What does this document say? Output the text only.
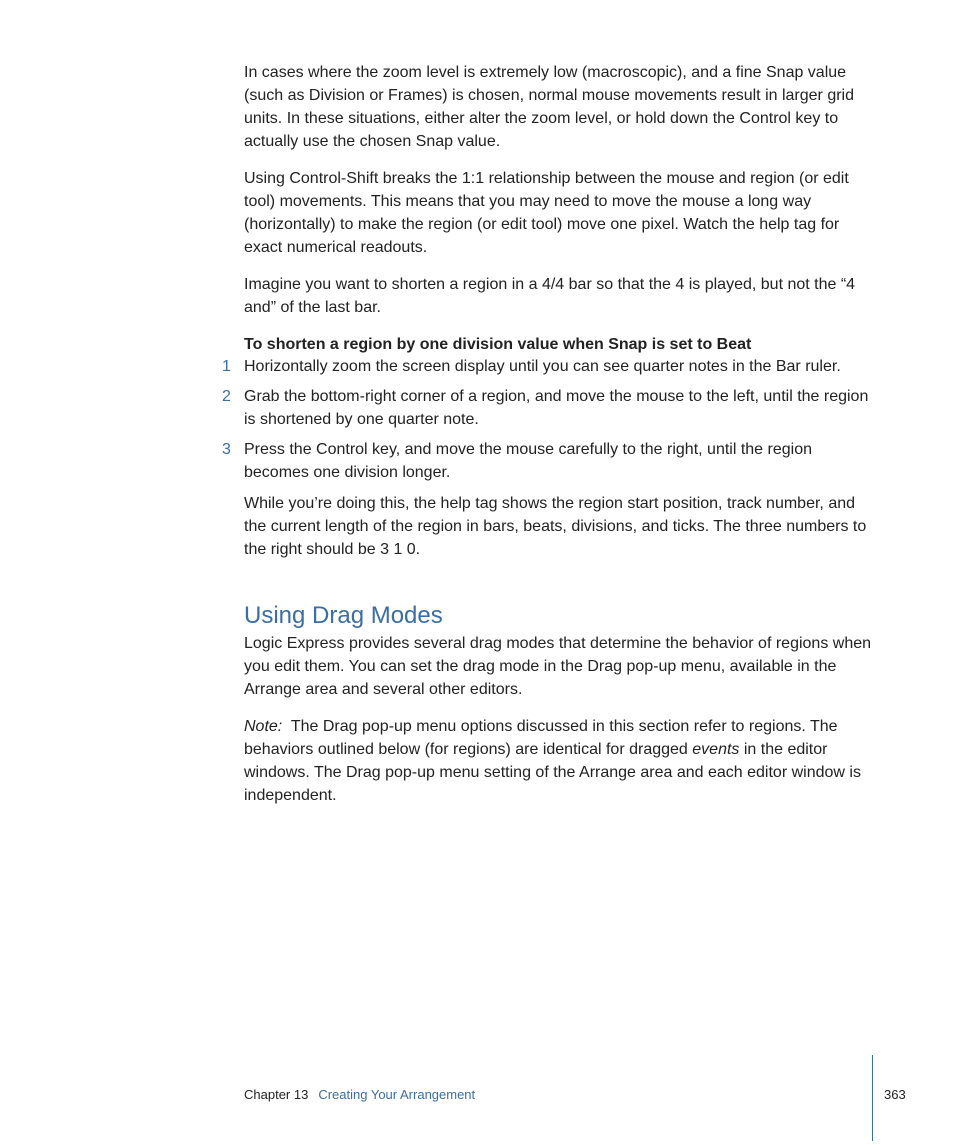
In cases where the zoom level is extremely low (macroscopic), and a fine Snap value (such as Division or Frames) is chosen, normal mouse movements result in larger grid units. In these situations, either alter the zoom level, or hold down the Control key to actually use the chosen Snap value.

Using Control-Shift breaks the 1:1 relationship between the mouse and region (or edit tool) movements. This means that you may need to move the mouse a long way (horizontally) to make the region (or edit tool) move one pixel. Watch the help tag for exact numerical readouts.

Imagine you want to shorten a region in a 4/4 bar so that the 4 is played, but not the “4 and” of the last bar.

To shorten a region by one division value when Snap is set to Beat
1 Horizontally zoom the screen display until you can see quarter notes in the Bar ruler.
2 Grab the bottom-right corner of a region, and move the mouse to the left, until the region is shortened by one quarter note.
3 Press the Control key, and move the mouse carefully to the right, until the region becomes one division longer.

While you’re doing this, the help tag shows the region start position, track number, and the current length of the region in bars, beats, divisions, and ticks. The three numbers to the right should be 3 1 0.

Using Drag Modes

Logic Express provides several drag modes that determine the behavior of regions when you edit them. You can set the drag mode in the Drag pop-up menu, available in the Arrange area and several other editors.

Note: The Drag pop-up menu options discussed in this section refer to regions. The behaviors outlined below (for regions) are identical for dragged events in the editor windows. The Drag pop-up menu setting of the Arrange area and each editor window is independent.

Chapter 13 Creating Your Arrangement	363
